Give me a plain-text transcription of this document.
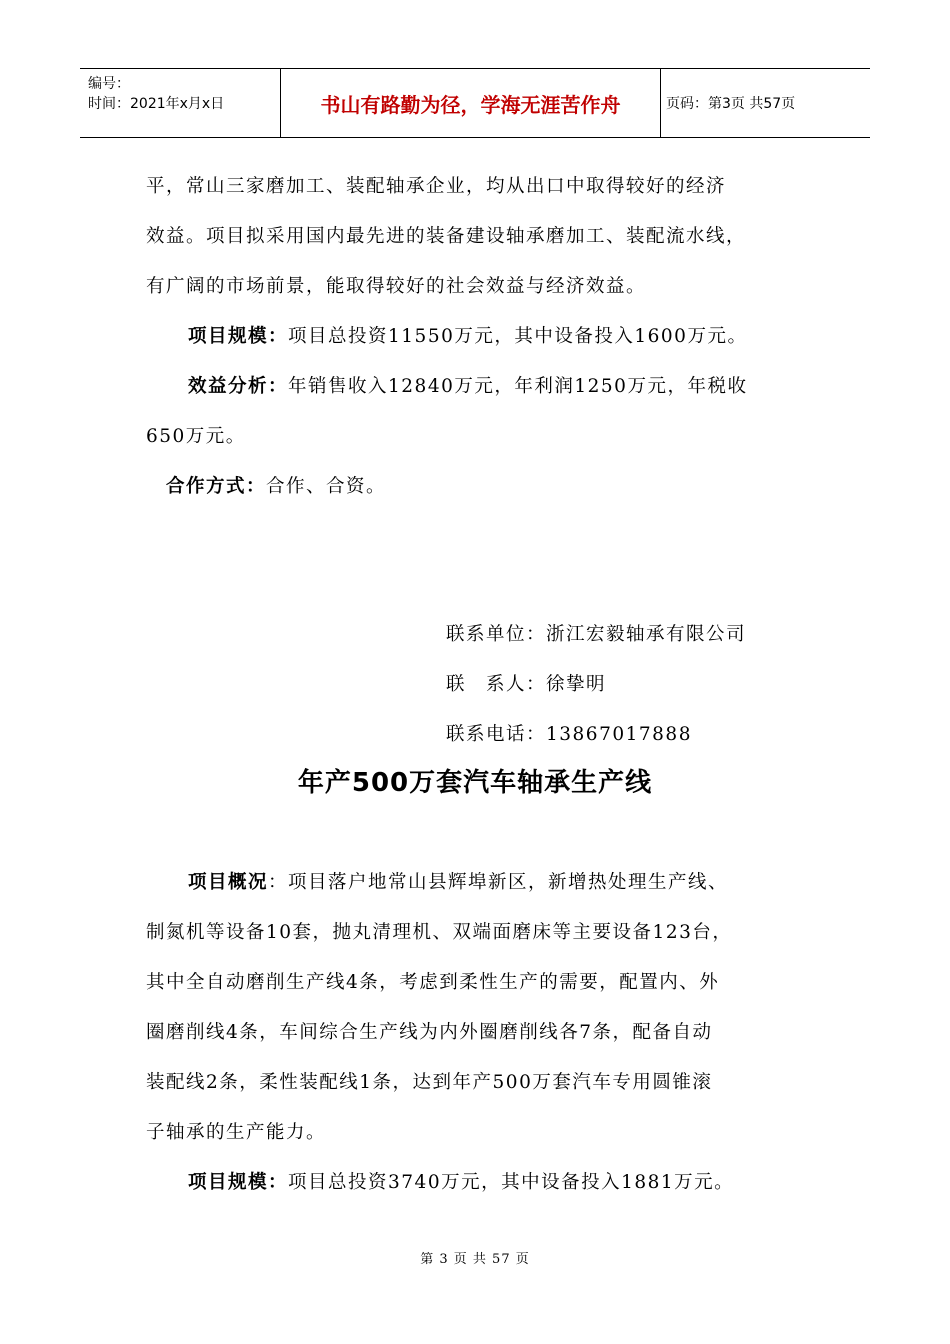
编号：
时间：2021年x月x日	书山有路勤为径，学海无涯苦作舟	页码：第3页 共57页
平，常山三家磨加工、装配轴承企业，均从出口中取得较好的经济
效益。项目拟采用国内最先进的装备建设轴承磨加工、装配流水线，
有广阔的市场前景，能取得较好的社会效益与经济效益。
项目规模：项目总投资11550万元，其中设备投入1600万元。
效益分析：年销售收入12840万元，年利润1250万元，年税收
650万元。
合作方式：合作、合资。
联系单位：浙江宏毅轴承有限公司
联　系人：徐挚明
联系电话：13867017888
年产500万套汽车轴承生产线
项目概况：项目落户地常山县辉埠新区，新增热处理生产线、
制氮机等设备10套，抛丸清理机、双端面磨床等主要设备123台，
其中全自动磨削生产线4条，考虑到柔性生产的需要，配置内、外
圈磨削线4条，车间综合生产线为内外圈磨削线各7条，配备自动
装配线2条，柔性装配线1条，达到年产500万套汽车专用圆锥滚
子轴承的生产能力。
项目规模：项目总投资3740万元，其中设备投入1881万元。
第 3 页 共 57 页
